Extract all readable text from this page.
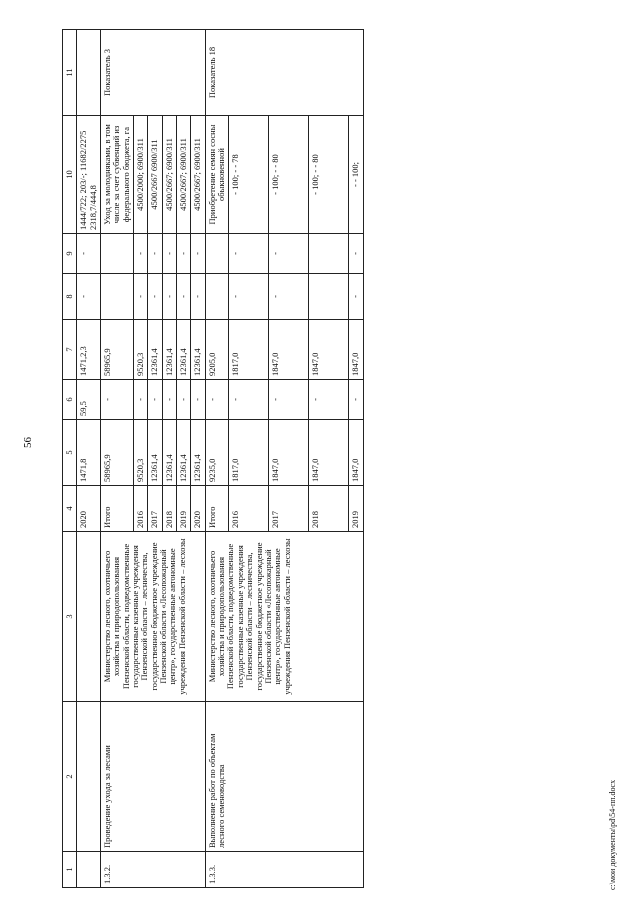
56
1	2	3	4	5	6	7	8	9	10	11
			2020	1471,8	59,5	1471,2,3	-	-	1444/722; 203/-; 11682/2275 2318,7/444,8	
1.3.2.	Проведение ухода за лесами	Министерство лесного, охотничьего хозяйства и природопользования Пензенской области, подведомственные государственные казенные учреждения Пензенской области – лесничества, государственное бюджетное учреждение Пензенской области «Лесопожарный центр», государственные автономные учреждения Пензенской области – лесхозы	Итого	58965,9	-	58965,9			Уход за молодняками, в том числе за счет субвенций из федерального бюджета, га	Показатель 3
			2016	9520,3	-	9520,3	-	-	4500/2000; 6900/311	
			2017	12361,4	-	12361,4	-	-	4500/2667 6900/311	
			2018	12361,4	-	12361,4	-	-	4500/2667; 6900/311	
			2019	12361,4	-	12361,4	-	-	4500/2667; 6900/311	
			2020	12361,4	-	12361,4	-	-	4500/2667; 6900/311	
1.3.3.	Выполнение работ по объектам лесного семеноводства	Министерство лесного, охотничьего хозяйства и природопользования Пензенской области, подведомственные государственные казенные учреждения Пензенской области – лесничества, государственное бюджетное учреждение Пензенской области «Лесопожарный центр», государственные автономные учреждения Пензенской области – лесхозы	Итого	9235,0	-	9205,0			Приобретение семян сосны обыкновенной	Показатель 18
			2016	1817,0	-	1817,0	-	-	- 100; - - 78	
			2017	1847,0	-	1847,0	-	-	- 100; - - 80	
			2018	1847,0	-	1847,0			- 100; - - 80	
			2019	1847,0	-	1847,0	-	-	- - 100;	
c:\мои документы\pd\54-пп.docx
